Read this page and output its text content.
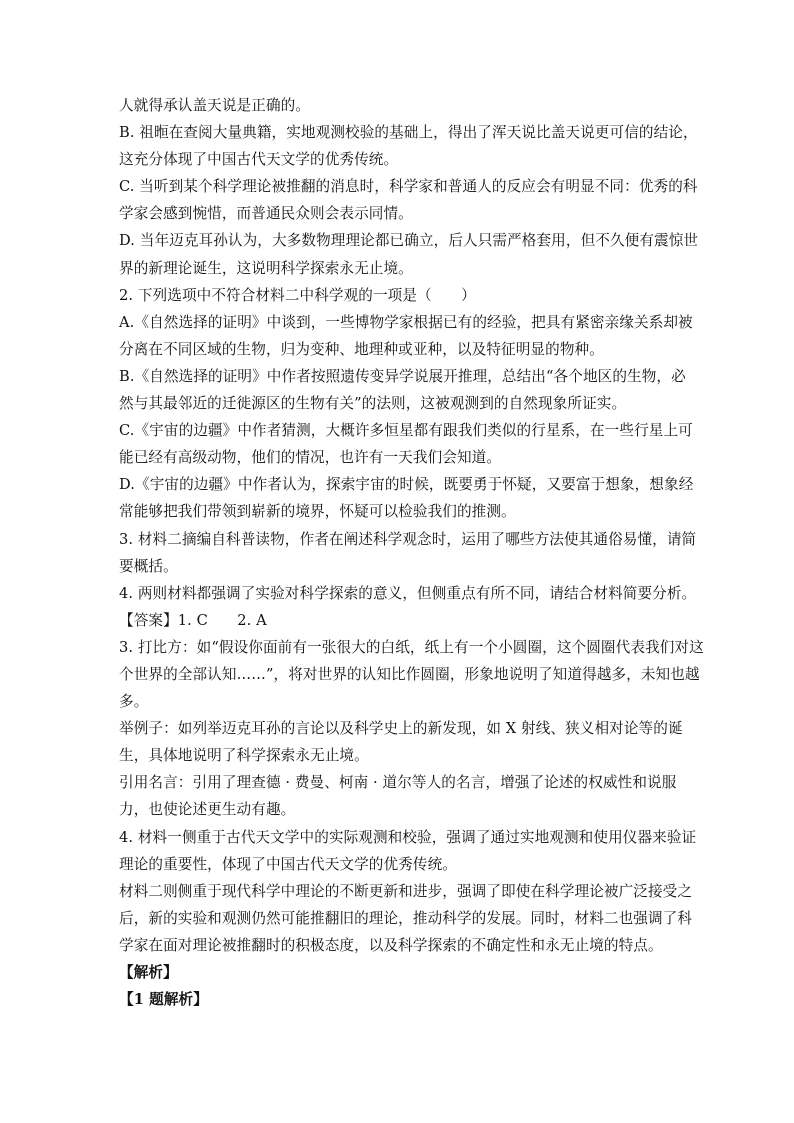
人就得承认盖天说是正确的。
B. 祖暅在查阅大量典籍，实地观测校验的基础上，得出了浑天说比盖天说更可信的结论，
这充分体现了中国古代天文学的优秀传统。
C. 当听到某个科学理论被推翻的消息时，科学家和普通人的反应会有明显不同：优秀的科
学家会感到惋惜，而普通民众则会表示同情。
D. 当年迈克耳孙认为，大多数物理理论都已确立，后人只需严格套用，但不久便有震惊世
界的新理论诞生，这说明科学探索永无止境。
2. 下列选项中不符合材料二中科学观的一项是（　　）
A.《自然选择的证明》中谈到，一些博物学家根据已有的经验，把具有紧密亲缘关系却被
分离在不同区域的生物，归为变种、地理种或亚种，以及特征明显的物种。
B.《自然选择的证明》中作者按照遗传变异学说展开推理，总结出“各个地区的生物，必
然与其最邻近的迁徙源区的生物有关”的法则，这被观测到的自然现象所证实。
C.《宇宙的边疆》中作者猜测，大概许多恒星都有跟我们类似的行星系，在一些行星上可
能已经有高级动物，他们的情况，也许有一天我们会知道。
D.《宇宙的边疆》中作者认为，探索宇宙的时候，既要勇于怀疑，又要富于想象，想象经
常能够把我们带领到崭新的境界，怀疑可以检验我们的推测。
3. 材料二摘编自科普读物，作者在阐述科学观念时，运用了哪些方法使其通俗易懂，请简
要概括。
4. 两则材料都强调了实验对科学探索的意义，但侧重点有所不同，请结合材料简要分析。
【答案】1. C　　2. A
3. 打比方：如“假设你面前有一张很大的白纸，纸上有一个小圆圈，这个圆圈代表我们对这
个世界的全部认知……”，将对世界的认知比作圆圈，形象地说明了知道得越多，未知也越
多。
举例子：如列举迈克耳孙的言论以及科学史上的新发现，如 X 射线、狭义相对论等的诞
生，具体地说明了科学探索永无止境。
引用名言：引用了理查德 · 费曼、柯南 · 道尔等人的名言，增强了论述的权威性和说服
力，也使论述更生动有趣。
4. 材料一侧重于古代天文学中的实际观测和校验，强调了通过实地观测和使用仪器来验证
理论的重要性，体现了中国古代天文学的优秀传统。
材料二则侧重于现代科学中理论的不断更新和进步，强调了即使在科学理论被广泛接受之
后，新的实验和观测仍然可能推翻旧的理论，推动科学的发展。同时，材料二也强调了科
学家在面对理论被推翻时的积极态度，以及科学探索的不确定性和永无止境的特点。
【解析】
【1 题解析】
